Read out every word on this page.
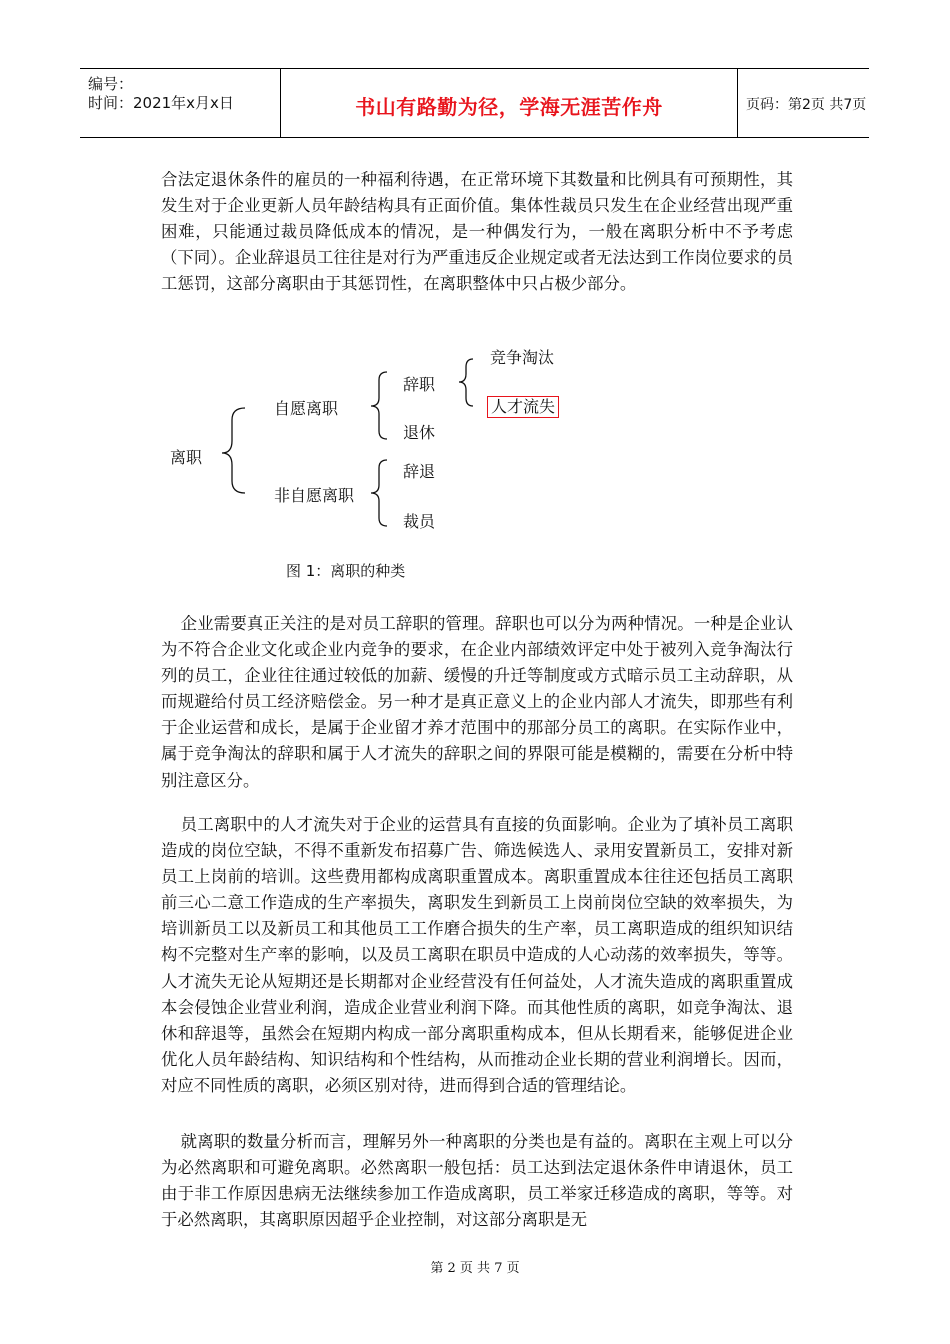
编号：
时间：2021年x月x日	书山有路勤为径，学海无涯苦作舟	页码：第2页 共7页

合法定退休条件的雇员的一种福利待遇，在正常环境下其数量和比例具有可预期性，其发生对于企业更新人员年龄结构具有正面价值。集体性裁员只发生在企业经营出现严重困难，只能通过裁员降低成本的情况，是一种偶发行为，一般在离职分析中不予考虑（下同）。企业辞退员工往往是对行为严重违反企业规定或者无法达到工作岗位要求的员工惩罚，这部分离职由于其惩罚性，在离职整体中只占极少部分。

离职
自愿离职
非自愿离职
辞职
退休
辞退
裁员
竞争淘汰
人才流失
图 1：离职的种类

企业需要真正关注的是对员工辞职的管理。辞职也可以分为两种情况。一种是企业认为不符合企业文化或企业内竞争的要求，在企业内部绩效评定中处于被列入竞争淘汰行列的员工，企业往往通过较低的加薪、缓慢的升迁等制度或方式暗示员工主动辞职，从而规避给付员工经济赔偿金。另一种才是真正意义上的企业内部人才流失，即那些有利于企业运营和成长，是属于企业留才养才范围中的那部分员工的离职。在实际作业中，属于竞争淘汰的辞职和属于人才流失的辞职之间的界限可能是模糊的，需要在分析中特别注意区分。

员工离职中的人才流失对于企业的运营具有直接的负面影响。企业为了填补员工离职造成的岗位空缺，不得不重新发布招募广告、筛选候选人、录用安置新员工，安排对新员工上岗前的培训。这些费用都构成离职重置成本。离职重置成本往往还包括员工离职前三心二意工作造成的生产率损失，离职发生到新员工上岗前岗位空缺的效率损失，为培训新员工以及新员工和其他员工工作磨合损失的生产率，员工离职造成的组织知识结构不完整对生产率的影响，以及员工离职在职员中造成的人心动荡的效率损失，等等。人才流失无论从短期还是长期都对企业经营没有任何益处，人才流失造成的离职重置成本会侵蚀企业营业利润，造成企业营业利润下降。而其他性质的离职，如竞争淘汰、退休和辞退等，虽然会在短期内构成一部分离职重构成本，但从长期看来，能够促进企业优化人员年龄结构、知识结构和个性结构，从而推动企业长期的营业利润增长。因而，对应不同性质的离职，必须区别对待，进而得到合适的管理结论。

就离职的数量分析而言，理解另外一种离职的分类也是有益的。离职在主观上可以分为必然离职和可避免离职。必然离职一般包括：员工达到法定退休条件申请退休，员工由于非工作原因患病无法继续参加工作造成离职，员工举家迁移造成的离职，等等。对于必然离职，其离职原因超乎企业控制，对这部分离职是无

第 2 页 共 7 页
